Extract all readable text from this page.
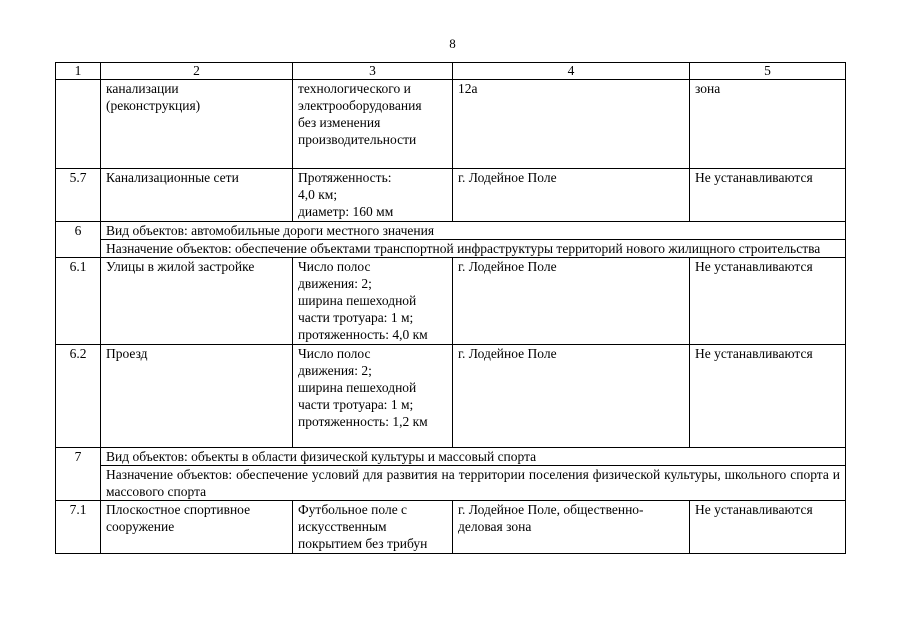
8
1	2	3	4	5
	канализации
(реконструкция)	технологического и
электрооборудования
без изменения
производительности	12а	зона
5.7	Канализационные сети	Протяженность:
4,0 км;
диаметр: 160 мм	г. Лодейное Поле	Не устанавливаются
6	Вид объектов: автомобильные дороги местного значения			
	Назначение объектов: обеспечение объектами транспортной инфраструктуры территорий нового жилищного строительства			
6.1	Улицы в жилой застройке	Число полос
движения: 2;
ширина пешеходной
части тротуара: 1 м;
протяженность: 4,0 км	г. Лодейное Поле	Не устанавливаются
6.2	Проезд	Число полос
движения: 2;
ширина пешеходной
части тротуара: 1 м;
протяженность: 1,2 км	г. Лодейное Поле	Не устанавливаются
7	Вид объектов: объекты в области физической культуры и массовый спорта			
	Назначение объектов: обеспечение условий для развития на территории поселения физической культуры, школьного спорта и массового спорта			
7.1	Плоскостное спортивное
сооружение	Футбольное поле с
искусственным
покрытием без трибун	г. Лодейное Поле, общественно-
деловая зона	Не устанавливаются
